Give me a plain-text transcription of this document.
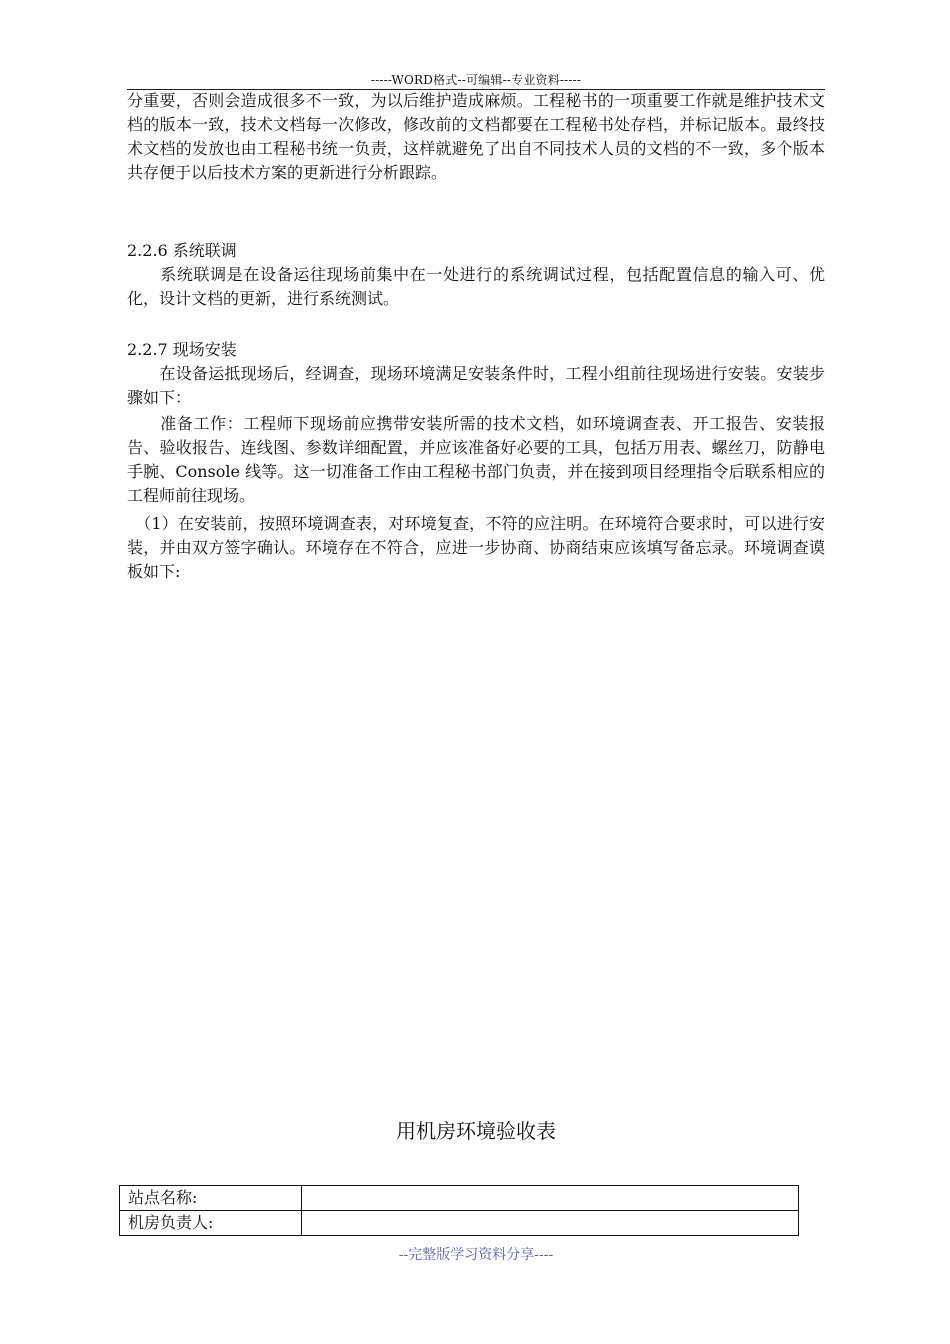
-----WORD格式--可编辑--专业资料-----

分重要，否则会造成很多不一致，为以后维护造成麻烦。工程秘书的一项重要工作就是维护技术文档的版本一致，技术文档每一次修改，修改前的文档都要在工程秘书处存档，并标记版本。最终技术文档的发放也由工程秘书统一负责，这样就避免了出自不同技术人员的文档的不一致，多个版本共存便于以后技术方案的更新进行分析跟踪。

2.2.6 系统联调

　　系统联调是在设备运往现场前集中在一处进行的系统调试过程，包括配置信息的输入可、优化，设计文档的更新，进行系统测试。

2.2.7 现场安装

　　在设备运抵现场后，经调查，现场环境满足安装条件时，工程小组前往现场进行安装。安装步骤如下：

　　准备工作：工程师下现场前应携带安装所需的技术文档，如环境调查表、开工报告、安装报告、验收报告、连线图、参数详细配置，并应该准备好必要的工具，包括万用表、螺丝刀，防静电手腕、Console 线等。这一切准备工作由工程秘书部门负责，并在接到项目经理指令后联系相应的工程师前往现场。

　（1）在安装前，按照环境调查表，对环境复查，不符的应注明。在环境符合要求时，可以进行安装，并由双方签字确认。环境存在不符合，应进一步协商、协商结束应该填写备忘录。环境调查谟板如下:

用机房环境验收表
站点名称:	
机房负责人:	
--完整版学习资料分享----
